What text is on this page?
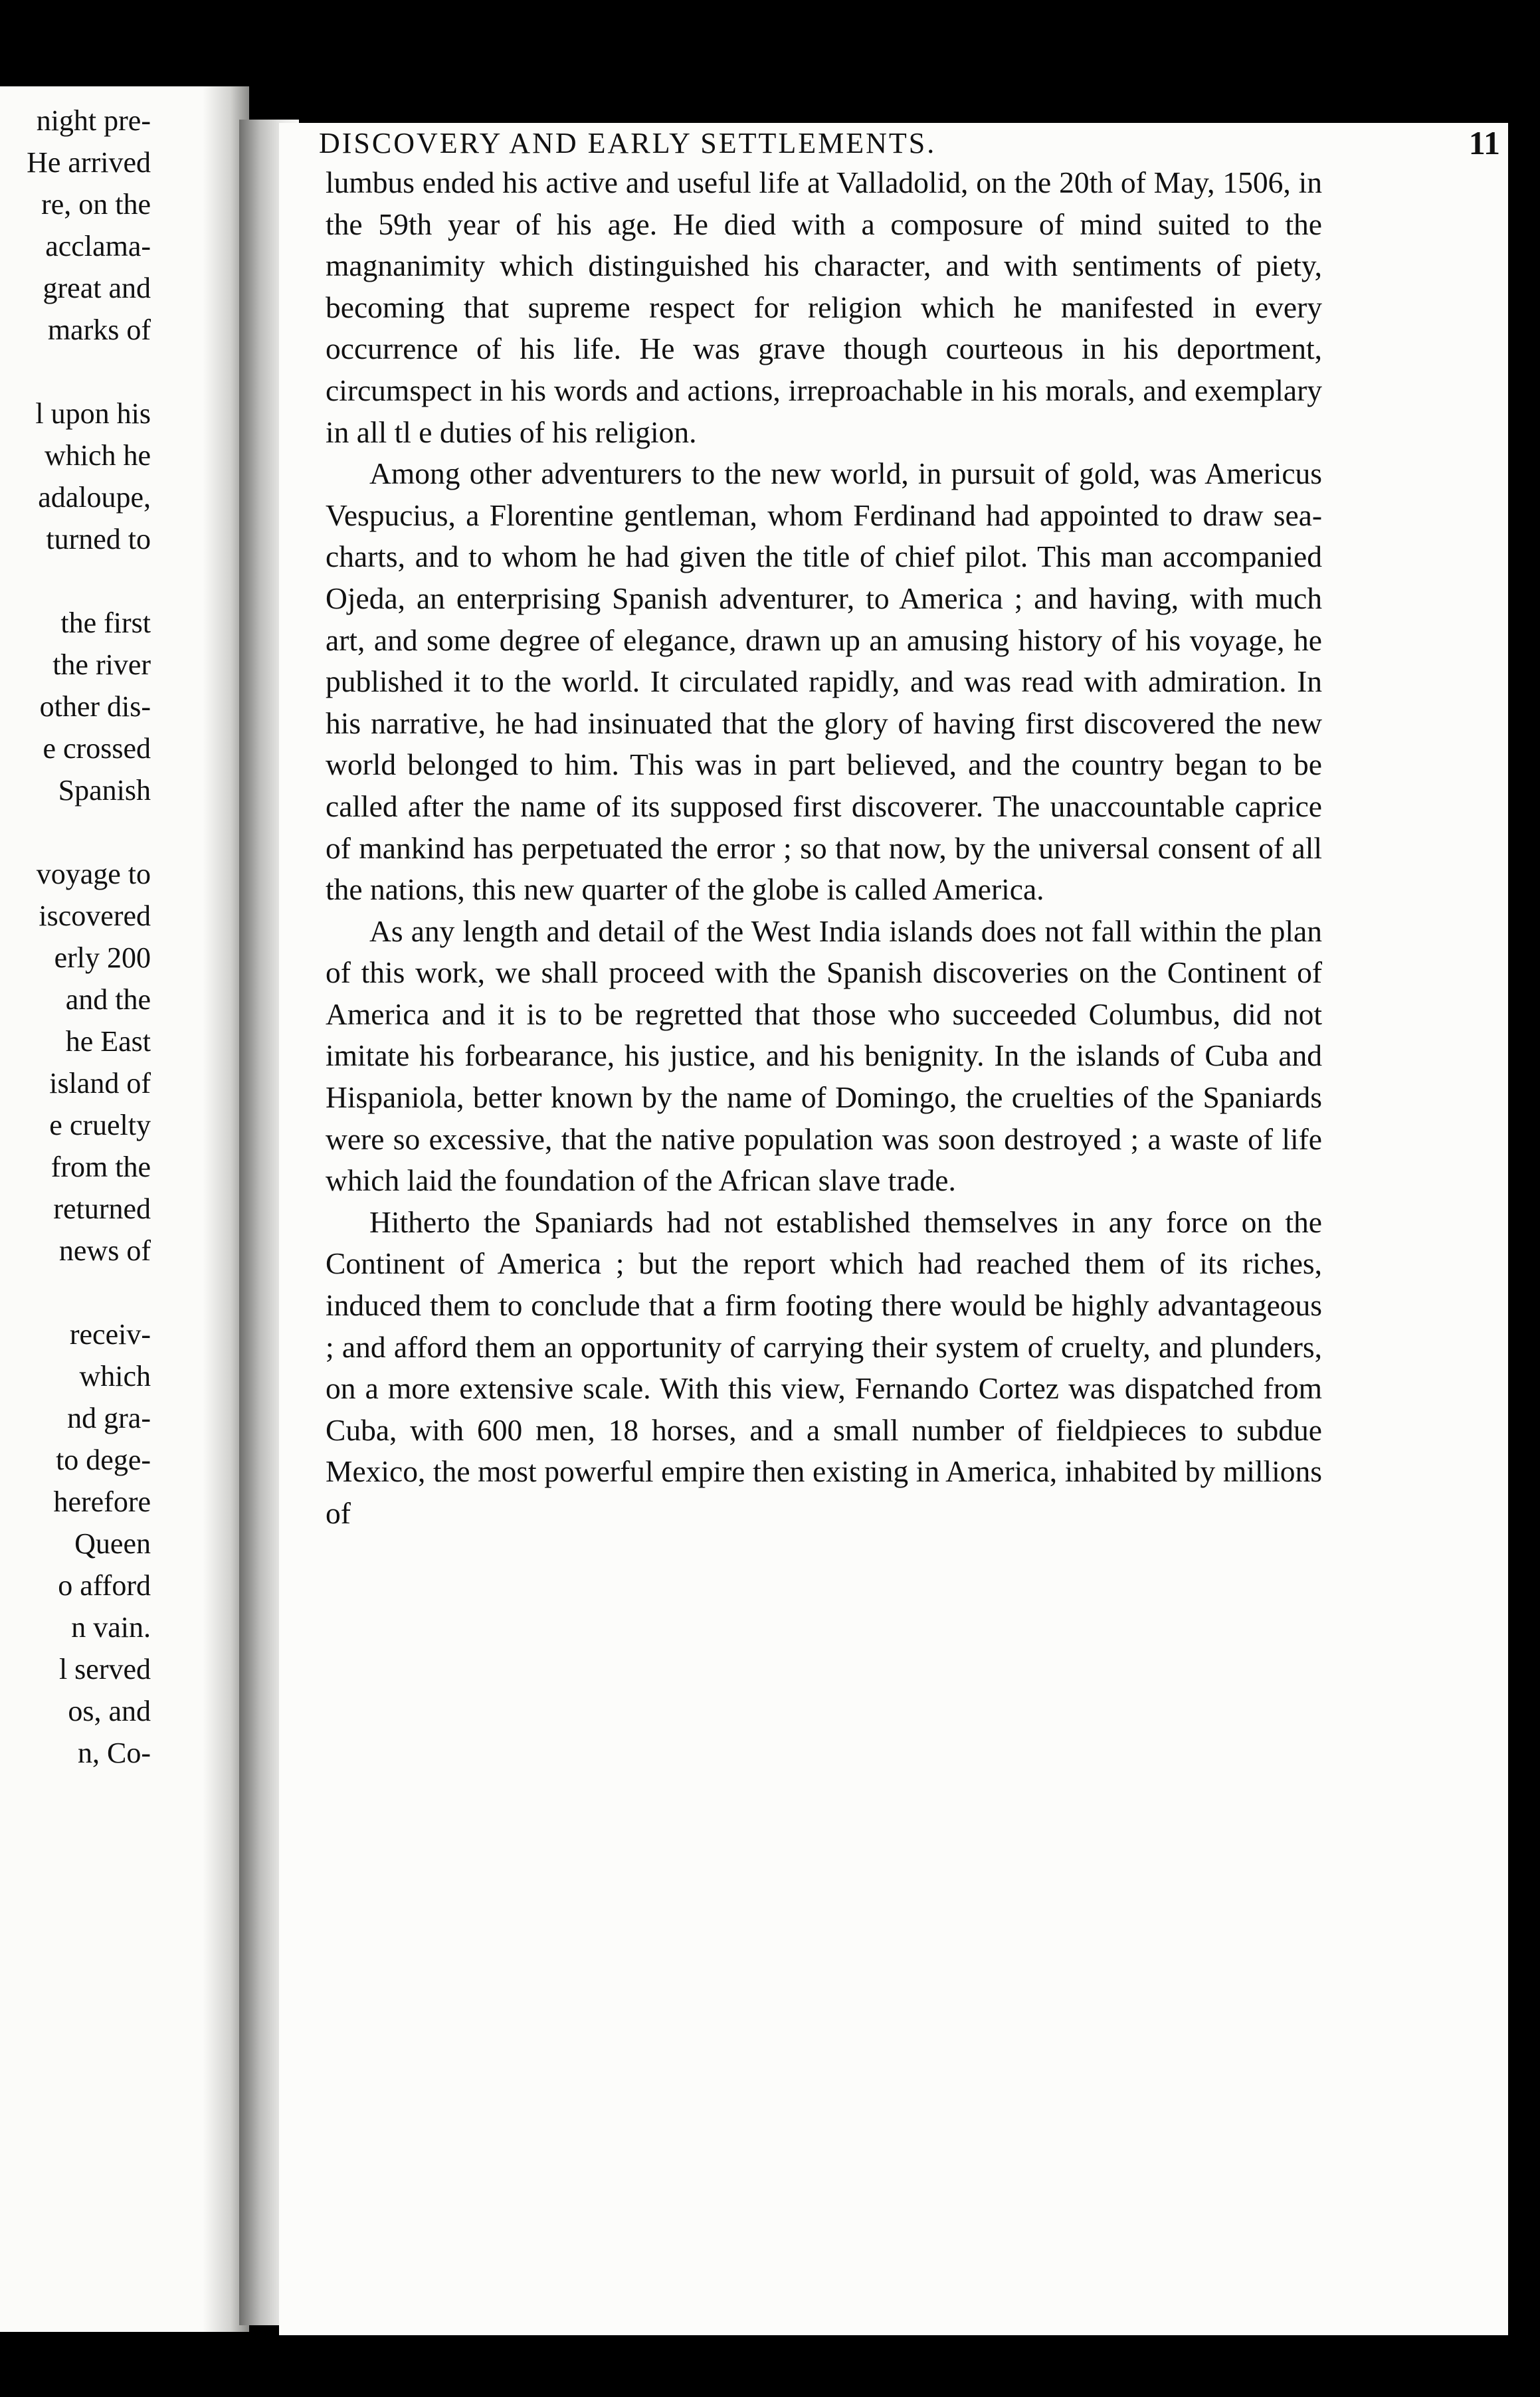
night pre-
He arrived
re, on the
acclama-
great and
marks of
l upon his
which he
adaloupe,
turned to
the first
the river
other dis-
e crossed
Spanish
voyage to
iscovered
erly 200
and the
he East
island of
e cruelty
from the
returned
news of
receiv-
which
nd gra-
to dege-
herefore
Queen
o afford
n vain.
l served
os, and
n, Co-
DISCOVERY AND EARLY SETTLEMENTS.	11

lumbus ended his active and useful life at Valladolid, on the 20th of May, 1506, in the 59th year of his age. He died with a composure of mind suited to the magnanimity which distinguished his character, and with sentiments of piety, becoming that supreme respect for religion which he manifested in every occurrence of his life. He was grave though courteous in his deportment, circumspect in his words and actions, irreproachable in his morals, and exemplary in all tl e duties of his religion.

Among other adventurers to the new world, in pursuit of gold, was Americus Vespucius, a Florentine gentleman, whom Ferdinand had appointed to draw sea-charts, and to whom he had given the title of chief pilot. This man accompanied Ojeda, an enterprising Spanish adventurer, to America ; and having, with much art, and some degree of elegance, drawn up an amusing history of his voyage, he published it to the world. It circulated rapidly, and was read with admiration. In his narrative, he had insinuated that the glory of having first discovered the new world belonged to him. This was in part believed, and the country began to be called after the name of its supposed first discoverer. The unaccountable caprice of mankind has perpetuated the error ; so that now, by the universal consent of all the nations, this new quarter of the globe is called America.

As any length and detail of the West India islands does not fall within the plan of this work, we shall proceed with the Spanish discoveries on the Continent of America and it is to be regretted that those who succeeded Columbus, did not imitate his forbearance, his justice, and his benignity. In the islands of Cuba and Hispaniola, better known by the name of Domingo, the cruelties of the Spaniards were so excessive, that the native population was soon destroyed ; a waste of life which laid the foundation of the African slave trade.

Hitherto the Spaniards had not established themselves in any force on the Continent of America ; but the report which had reached them of its riches, induced them to conclude that a firm footing there would be highly advantageous ; and afford them an opportunity of carrying their system of cruelty, and plunders, on a more extensive scale. With this view, Fernando Cortez was dispatched from Cuba, with 600 men, 18 horses, and a small number of fieldpieces to subdue Mexico, the most powerful empire then existing in America, inhabited by millions of
